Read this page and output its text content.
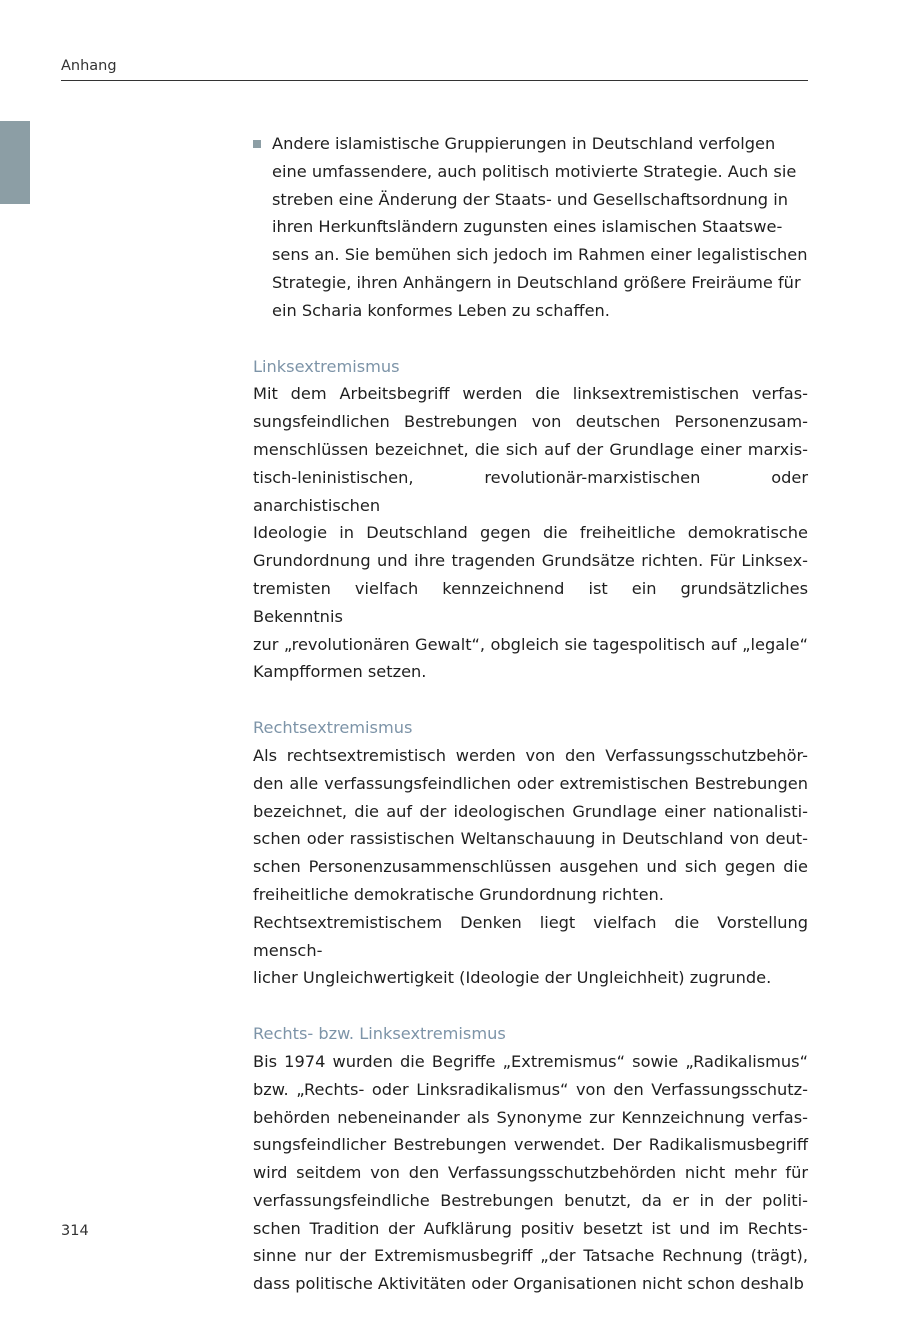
Anhang
Andere islamistische Gruppierungen in Deutschland verfolgen
eine umfassendere, auch politisch motivierte Strategie. Auch sie
streben eine Änderung der Staats- und Gesellschaftsordnung in
ihren Herkunftsländern zugunsten eines islamischen Staatswe-
sens an. Sie bemühen sich jedoch im Rahmen einer legalistischen
Strategie, ihren Anhängern in Deutschland größere Freiräume für
ein Scharia konformes Leben zu schaffen.
Linksextremismus
Mit dem Arbeitsbegriff werden die linksextremistischen verfas-
sungsfeindlichen Bestrebungen von deutschen Personenzusam-
menschlüssen bezeichnet, die sich auf der Grundlage einer marxis-
tisch-leninistischen, revolutionär-marxistischen oder anarchistischen
Ideologie in Deutschland gegen die freiheitliche demokratische
Grundordnung und ihre tragenden Grundsätze richten. Für Linksex-
tremisten vielfach kennzeichnend ist ein grundsätzliches Bekenntnis
zur „revolutionären Gewalt“, obgleich sie tagespolitisch auf „legale“
Kampfformen setzen.
Rechtsextremismus
Als rechtsextremistisch werden von den Verfassungsschutzbehör-
den alle verfassungsfeindlichen oder extremistischen Bestrebungen
bezeichnet, die auf der ideologischen Grundlage einer nationalisti-
schen oder rassistischen Weltanschauung in Deutschland von deut-
schen Personenzusammenschlüssen ausgehen und sich gegen die
freiheitliche demokratische Grundordnung richten.
Rechtsextremistischem Denken liegt vielfach die Vorstellung mensch-
licher Ungleichwertigkeit (Ideologie der Ungleichheit) zugrunde.
Rechts- bzw. Linksextremismus
Bis 1974 wurden die Begriffe „Extremismus“ sowie „Radikalismus“
bzw. „Rechts- oder Linksradikalismus“ von den Verfassungsschutz-
behörden nebeneinander als Synonyme zur Kennzeichnung verfas-
sungsfeindlicher Bestrebungen verwendet. Der Radikalismusbegriff
wird seitdem von den Verfassungsschutzbehörden nicht mehr für
verfassungsfeindliche Bestrebungen benutzt, da er in der politi-
schen Tradition der Aufklärung positiv besetzt ist und im Rechts-
sinne nur der Extremismusbegriff „der Tatsache Rechnung (trägt),
dass politische Aktivitäten oder Organisationen nicht schon deshalb
314
